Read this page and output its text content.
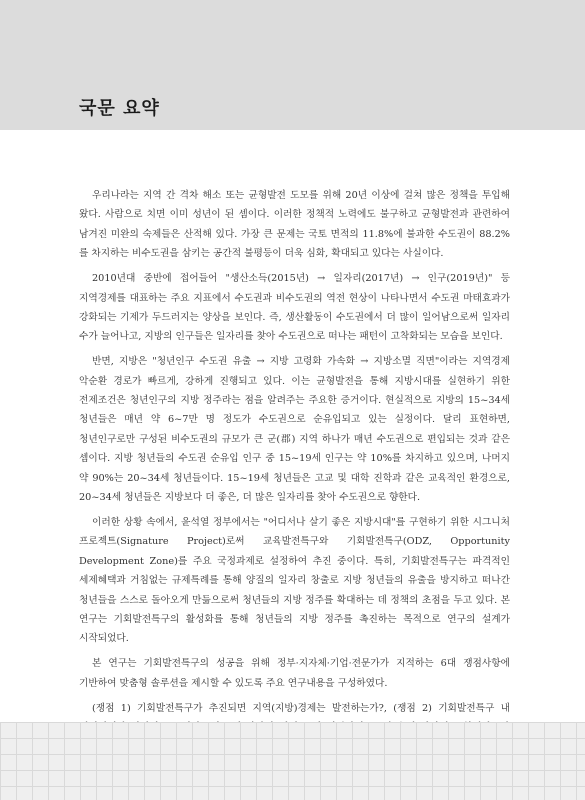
국문 요약

우리나라는 지역 간 격차 해소 또는 균형발전 도모를 위해 20년 이상에 걸쳐 많은 정책을 투입해 왔다. 사람으로 치면 이미 성년이 된 셈이다. 이러한 정책적 노력에도 불구하고 균형발전과 관련하여 남겨진 미완의 숙제들은 산적해 있다. 가장 큰 문제는 국토 면적의 11.8%에 불과한 수도권이 88.2%를 차지하는 비수도권을 삼키는 공간적 불평등이 더욱 심화, 확대되고 있다는 사실이다.

2010년대 중반에 접어들어 "생산소득(2015년) → 일자리(2017년) → 인구(2019년)" 등 지역경제를 대표하는 주요 지표에서 수도권과 비수도권의 역전 현상이 나타나면서 수도권 마태효과가 강화되는 기제가 두드러지는 양상을 보인다. 즉, 생산활동이 수도권에서 더 많이 일어남으로써 일자리 수가 늘어나고, 지방의 인구들은 일자리를 찾아 수도권으로 떠나는 패턴이 고착화되는 모습을 보인다.

반면, 지방은 "청년인구 수도권 유출 → 지방 고령화 가속화 → 지방소멸 직면"이라는 지역경제 악순환 경로가 빠르게, 강하게 진행되고 있다. 이는 균형발전을 통해 지방시대를 실현하기 위한 전제조건은 청년인구의 지방 정주라는 점을 알려주는 주요한 증거이다. 현실적으로 지방의 15~34세 청년들은 매년 약 6~7만 명 정도가 수도권으로 순유입되고 있는 실정이다. 달리 표현하면, 청년인구로만 구성된 비수도권의 규모가 큰 군(郡) 지역 하나가 매년 수도권으로 편입되는 것과 같은 셈이다. 지방 청년들의 수도권 순유입 인구 중 15~19세 인구는 약 10%를 차지하고 있으며, 나머지 약 90%는 20~34세 청년들이다. 15~19세 청년들은 고교 및 대학 진학과 같은 교육적인 환경으로, 20~34세 청년들은 지방보다 더 좋은, 더 많은 일자리를 찾아 수도권으로 향한다.

이러한 상황 속에서, 윤석열 정부에서는 "어디서나 살기 좋은 지방시대"를 구현하기 위한 시그니처 프로젝트(Signature Project)로써 교육발전특구와 기회발전특구(ODZ, Opportunity Development Zone)를 주요 국정과제로 설정하여 추진 중이다. 특히, 기회발전특구는 파격적인 세제혜택과 거침없는 규제특례를 통해 양질의 일자리 창출로 지방 청년들의 유출을 방지하고 떠나간 청년들을 스스로 돌아오게 만듦으로써 청년들의 지방 정주를 확대하는 데 정책의 초점을 두고 있다. 본 연구는 기회발전특구의 활성화를 통해 청년들의 지방 정주를 촉진하는 목적으로 연구의 설계가 시작되었다.

본 연구는 기회발전특구의 성공을 위해 정부·지자체·기업·전문가가 지적하는 6대 쟁점사항에 기반하여 맞춤형 솔루션을 제시할 수 있도록 주요 연구내용을 구성하였다.

(쟁점 1) 기회발전특구가 추진되면 지역(지방)경제는 발전하는가?, (쟁점 2) 기회발전특구 내
